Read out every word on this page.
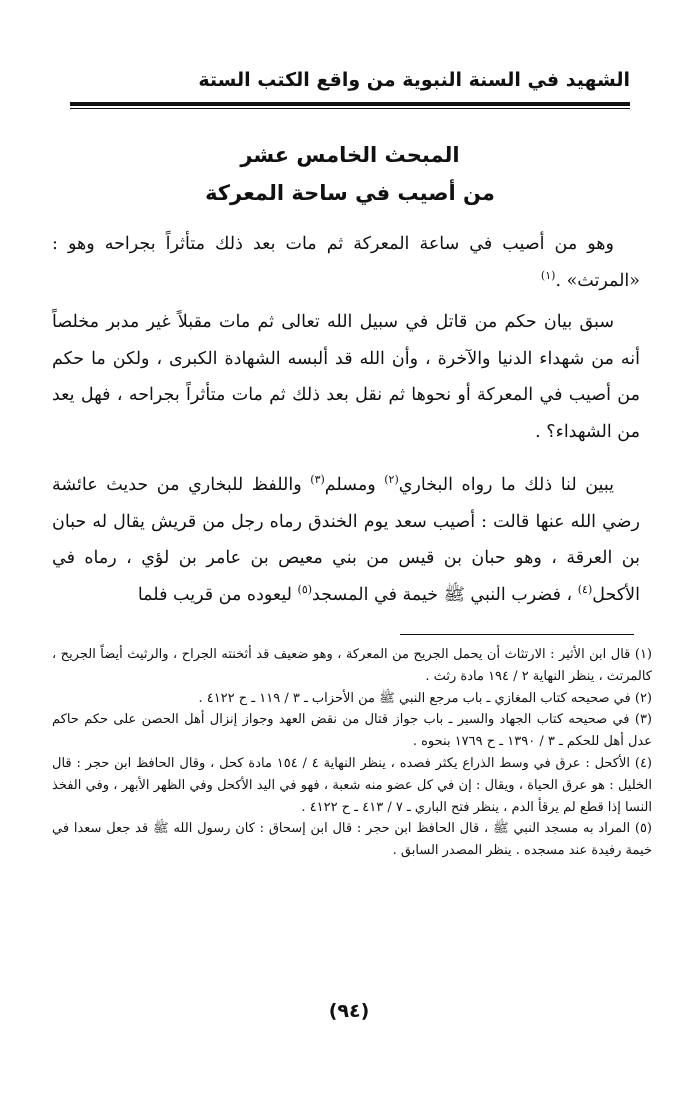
الشهيد في السنة النبوية من واقع الكتب الستة
المبحث الخامس عشر
من أصيب في ساحة المعركة
وهو من أصيب في ساعة المعركة ثم مات بعد ذلك متأثراً بجراحه وهو : «المرتث» .$^{(١)}$
سبق بيان حكم من قاتل في سبيل الله تعالى ثم مات مقبلاً غير مدبر مخلصاً أنه من شهداء الدنيا والآخرة ، وأن الله قد ألبسه الشهادة الكبرى ، ولكن ما حكم من أصيب في المعركة أو نحوها ثم نقل بعد ذلك ثم مات متأثراً بجراحه ، فهل يعد من الشهداء؟ .
يبين لنا ذلك ما رواه البخاري$^{(٢)}$ ومسلم$^{(٣)}$ واللفظ للبخاري من حديث عائشة رضي الله عنها قالت : أصيب سعد يوم الخندق رماه رجل من قريش يقال له حبان بن العرقة ، وهو حبان بن قيس من بني معيص بن عامر بن لؤي ، رماه في الأكحل$^{(٤)}$ ، فضرب النبي ﷺ خيمة في المسجد$^{(٥)}$ ليعوده من قريب فلما
(١) قال ابن الأثير : الارتثاث أن يحمل الجريح من المعركة ، وهو ضعيف قد أثخنته الجراح ، والرثيث أيضاً الجريح ، كالمرتث ، ينظر النهاية ٢ / ١٩٤ مادة رثث .
(٢) في صحيحه كتاب المغازي ـ باب مرجع النبي ﷺ من الأحزاب ـ ٣ / ١١٩ ـ ح ٤١٢٢ .
(٣) في صحيحه كتاب الجهاد والسير ـ باب جواز قتال من نقض العهد وجواز إنزال أهل الحصن على حكم حاكم عدل أهل للحكم ـ ٣ / ١٣٩٠ ـ ح ١٧٦٩ بنحوه .
(٤) الأكحل : عرق في وسط الذراع يكثر فصده ، ينظر النهاية ٤ / ١٥٤ مادة كحل ، وقال الحافظ ابن حجر : قال الخليل : هو عرق الحياة ، ويقال : إن في كل عضو منه شعبة ، فهو في اليد الأكحل وفي الظهر الأبهر ، وفي الفخذ النسا إذا قطع لم يرقأ الدم ، ينظر فتح الباري ـ ٧ / ٤١٣ ـ ح ٤١٢٢ .
(٥) المراد به مسجد النبي ﷺ ، قال الحافظ ابن حجر : قال ابن إسحاق : كان رسول الله ﷺ قد جعل سعدا في خيمة رفيدة عند مسجده . ينظر المصدر السابق .
(٩٤)
